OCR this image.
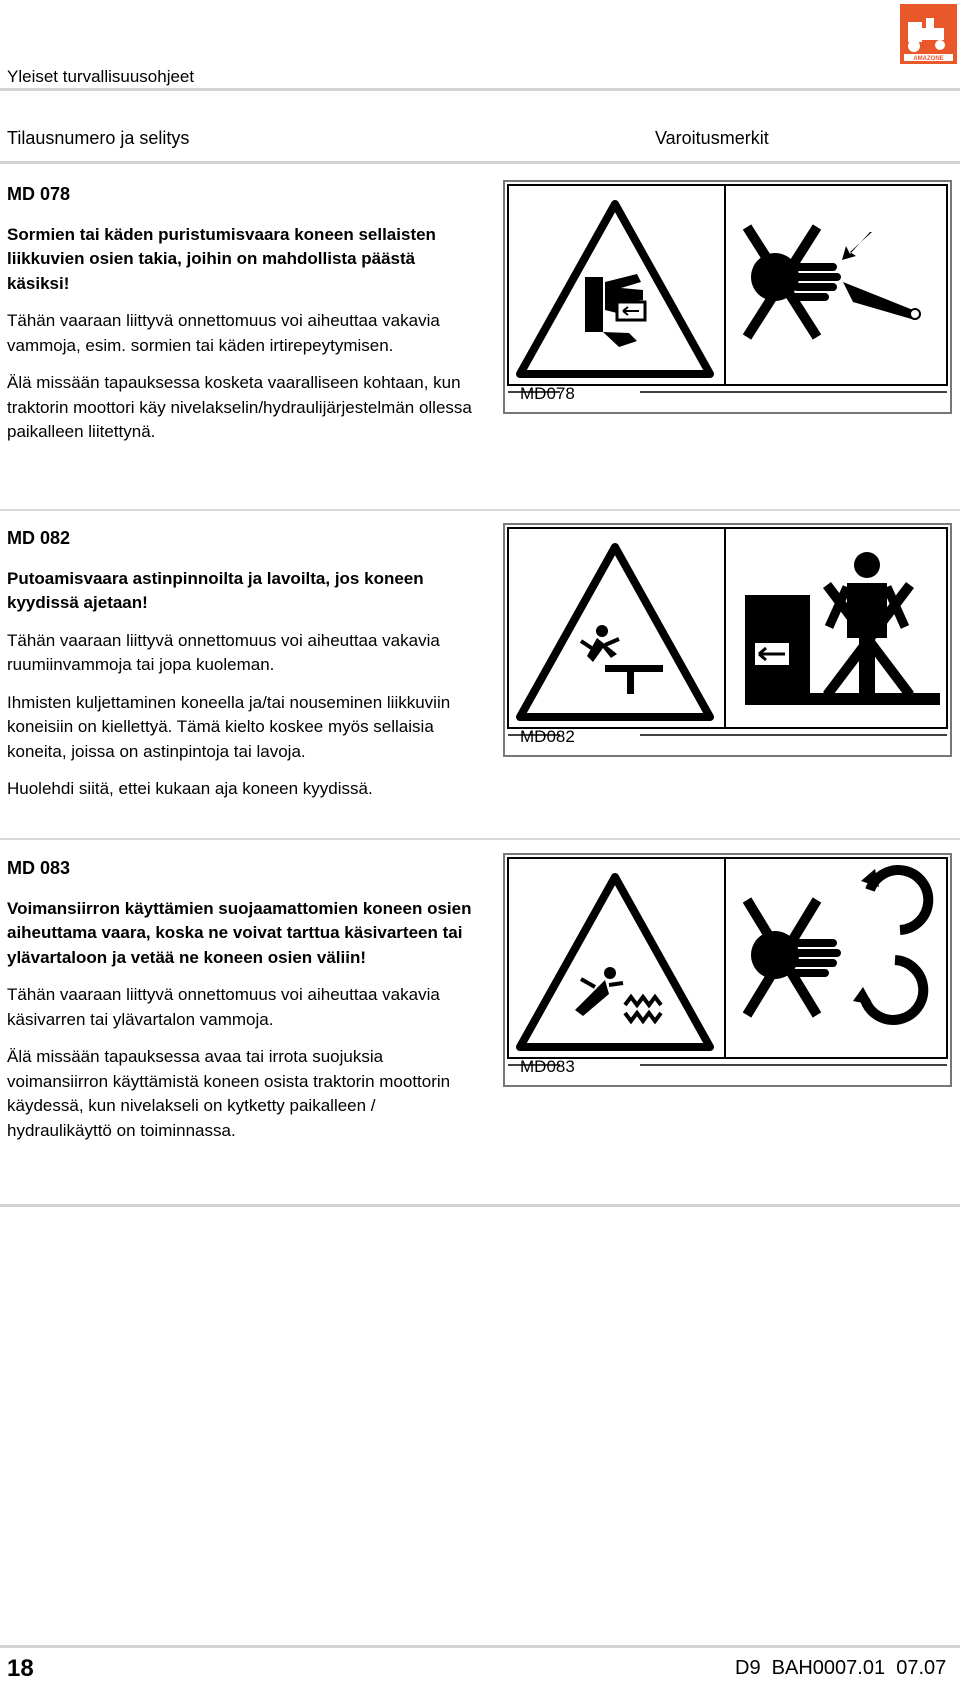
AMAZONE
Yleiset turvallisuusohjeet
Tilausnumero ja selitys	Varoitusmerkit
MD 078
Sormien tai käden puristumisvaara koneen sellaisten liikkuvien osien takia, joihin on mahdollista päästä käsiksi!
Tähän vaaraan liittyvä onnettomuus voi aiheuttaa vakavia vammoja, esim. sormien tai käden irtirepeytymisen.
Älä missään tapauksessa kosketa vaaralliseen kohtaan, kun traktorin moottori käy nivelakselin/hydraulijärjestelmän ollessa paikalleen liitettynä.
MD078
MD 082
Putoamisvaara astinpinnoilta ja lavoilta, jos koneen kyydissä ajetaan!
Tähän vaaraan liittyvä onnettomuus voi aiheuttaa vakavia ruumiinvammoja tai jopa kuoleman.
Ihmisten kuljettaminen koneella ja/tai nouseminen liikkuviin koneisiin on kiellettyä. Tämä kielto koskee myös sellaisia koneita, joissa on astinpintoja tai lavoja.
Huolehdi siitä, ettei kukaan aja koneen kyydissä.
MD082
MD 083
Voimansiirron käyttämien suojaamattomien koneen osien aiheuttama vaara, koska ne voivat tarttua käsivarteen tai ylävartaloon ja vetää ne koneen osien väliin!
Tähän vaaraan liittyvä onnettomuus voi aiheuttaa vakavia käsivarren tai ylävartalon vammoja.
Älä missään tapauksessa avaa tai irrota suojuksia voimansiirron käyttämistä koneen osista traktorin moottorin käydessä, kun nivelakseli on kytketty paikalleen / hydraulikäyttö on toiminnassa.
MD083
18	D9  BAH0007.01  07.07
